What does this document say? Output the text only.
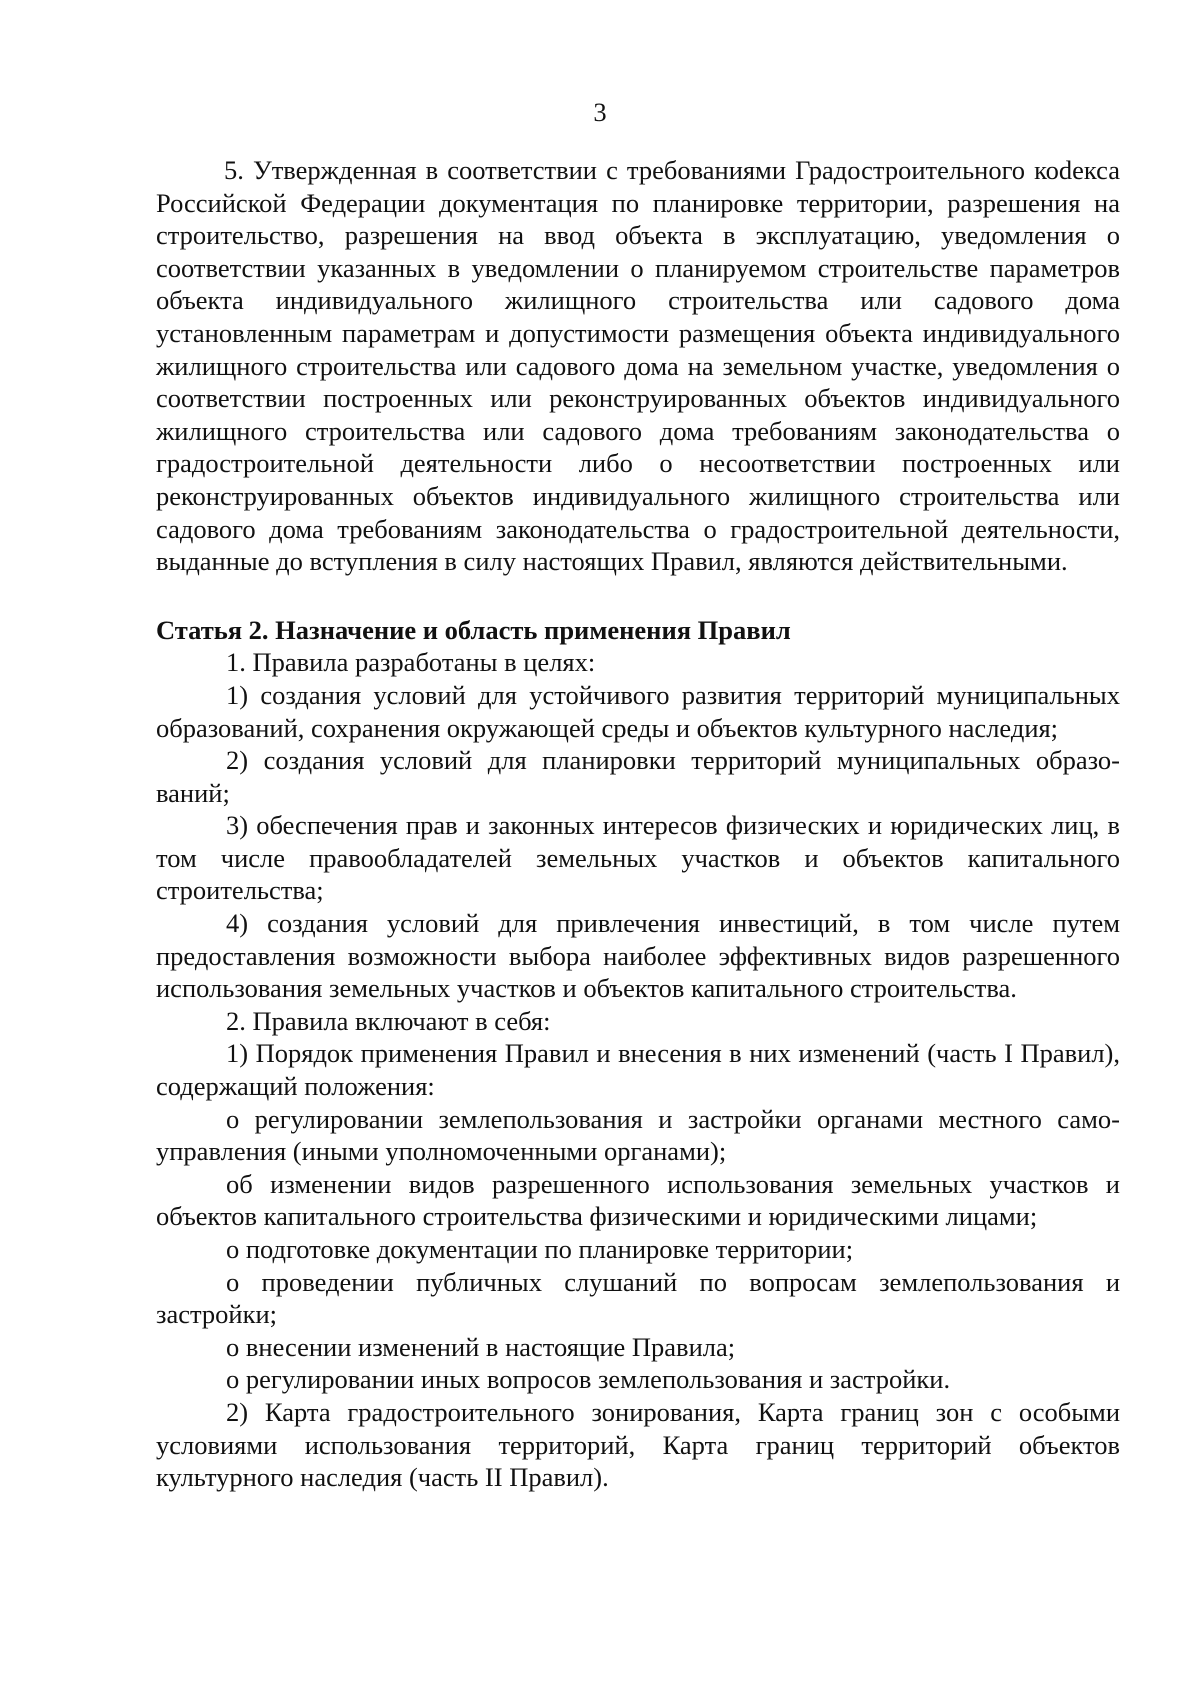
3

5. Утвержденная в соответствии с требованиями Градостроительного коdекса Российской Федерации документация по планировке территории, разрешения на строительство, разрешения на ввод объекта в эксплуатацию, уведомления о соответствии указанных в уведомлении о планируемом строительстве параметров объекта индивидуального жилищного строительства или садового дома установленным параметрам и допустимости размещения объекта индивидуального жилищного строительства или садового дома на земельном участке, уведомления о соответствии построенных или реконструированных объектов индивидуального жилищного строительства или садового дома требованиям законодательства о градостроительной деятельности либо о несоответствии построенных или реконструированных объектов индивидуального жилищного строительства или садового дома требованиям законодательства о градостроительной деятельности, выданные до вступления в силу настоящих Правил, являются действительными.

Статья 2. Назначение и область применения Правил

1. Правила разработаны в целях:

1) создания условий для устойчивого развития территорий муниципальных образований, сохранения окружающей среды и объектов культурного наследия;

2) создания условий для планировки территорий муниципальных образований;

3) обеспечения прав и законных интересов физических и юридических лиц, в том числе правообладателей земельных участков и объектов капитального строительства;

4) создания условий для привлечения инвестиций, в том числе путем предоставления возможности выбора наиболее эффективных видов разрешенного использования земельных участков и объектов капитального строительства.

2. Правила включают в себя:

1) Порядок применения Правил и внесения в них изменений (часть I Правил), содержащий положения:

о регулировании землепользования и застройки органами местного самоуправления (иными уполномоченными органами);

об изменении видов разрешенного использования земельных участков и объектов капитального строительства физическими и юридическими лицами;

о подготовке документации по планировке территории;

о проведении публичных слушаний по вопросам землепользования и застройки;

о внесении изменений в настоящие Правила;

о регулировании иных вопросов землепользования и застройки.

2) Карта градостроительного зонирования, Карта границ зон с особыми условиями использования территорий, Карта границ территорий объектов культурного наследия (часть II Правил).
